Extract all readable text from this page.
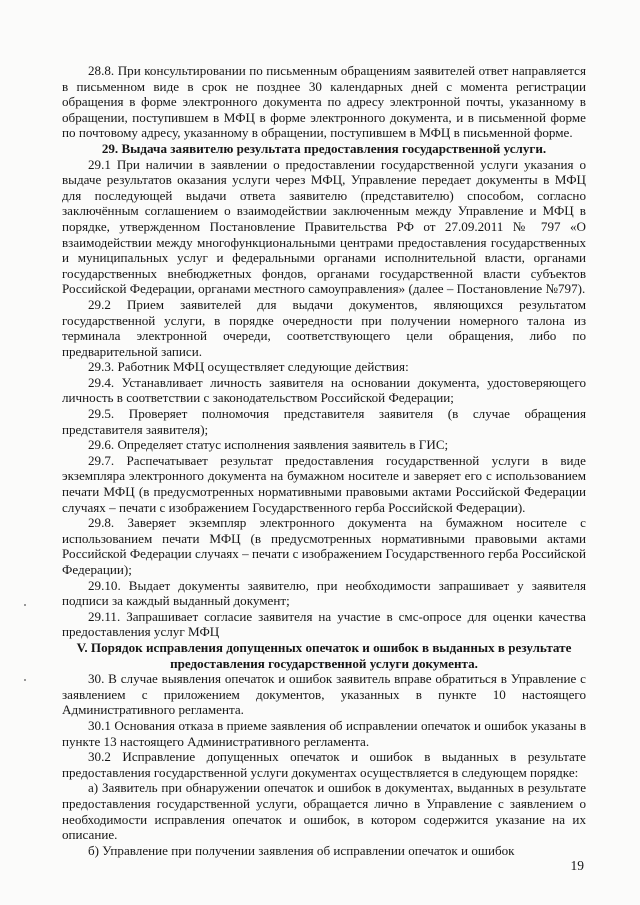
28.8. При консультировании по письменным обращениям заявителей ответ направляется в письменном виде в срок не позднее 30 календарных дней с момента регистрации обращения в форме электронного документа по адресу электронной почты, указанному в обращении, поступившем в МФЦ в форме электронного документа, и в письменной форме по почтовому адресу, указанному в обращении, поступившем в МФЦ в письменной форме.

29. Выдача заявителю результата предоставления государственной услуги.

29.1 При наличии в заявлении о предоставлении государственной услуги указания о выдаче результатов оказания услуги через МФЦ, Управление передает документы в МФЦ для последующей выдачи ответа заявителю (представителю) способом, согласно заключённым соглашением о взаимодействии заключенным между Управление и МФЦ в порядке, утвержденном Постановление Правительства РФ от 27.09.2011 № 797 «О взаимодействии между многофункциональными центрами предоставления государственных и муниципальных услуг и федеральными органами исполнительной власти, органами государственных внебюджетных фондов, органами государственной власти субъектов Российской Федерации, органами местного самоуправления» (далее – Постановление №797).

29.2 Прием заявителей для выдачи документов, являющихся результатом государственной услуги, в порядке очередности при получении номерного талона из терминала электронной очереди, соответствующего цели обращения, либо по предварительной записи.

29.3. Работник МФЦ осуществляет следующие действия:

29.4. Устанавливает личность заявителя на основании документа, удостоверяющего личность в соответствии с законодательством Российской Федерации;

29.5. Проверяет полномочия представителя заявителя (в случае обращения представителя заявителя);

29.6. Определяет статус исполнения заявления заявитель в ГИС;

29.7. Распечатывает результат предоставления государственной услуги в виде экземпляра электронного документа на бумажном носителе и заверяет его с использованием печати МФЦ (в предусмотренных нормативными правовыми актами Российской Федерации случаях – печати с изображением Государственного герба Российской Федерации).

29.8. Заверяет экземпляр электронного документа на бумажном носителе с использованием печати МФЦ (в предусмотренных нормативными правовыми актами Российской Федерации случаях – печати с изображением Государственного герба Российской Федерации);

29.10. Выдает документы заявителю, при необходимости запрашивает у заявителя подписи за каждый выданный документ;

29.11. Запрашивает согласие заявителя на участие в смс-опросе для оценки качества предоставления услуг МФЦ

V. Порядок исправления допущенных опечаток и ошибок в выданных в результате предоставления государственной услуги документа.

30. В случае выявления опечаток и ошибок заявитель вправе обратиться в Управление с заявлением с приложением документов, указанных в пункте 10 настоящего Административного регламента.

30.1 Основания отказа в приеме заявления об исправлении опечаток и ошибок указаны в пункте 13 настоящего Административного регламента.

30.2 Исправление допущенных опечаток и ошибок в выданных в результате предоставления государственной услуги документах осуществляется в следующем порядке:

а) Заявитель при обнаружении опечаток и ошибок в документах, выданных в результате предоставления государственной услуги, обращается лично в Управление с заявлением о необходимости исправления опечаток и ошибок, в котором содержится указание на их описание.

б) Управление при получении заявления об исправлении опечаток и ошибок

19
